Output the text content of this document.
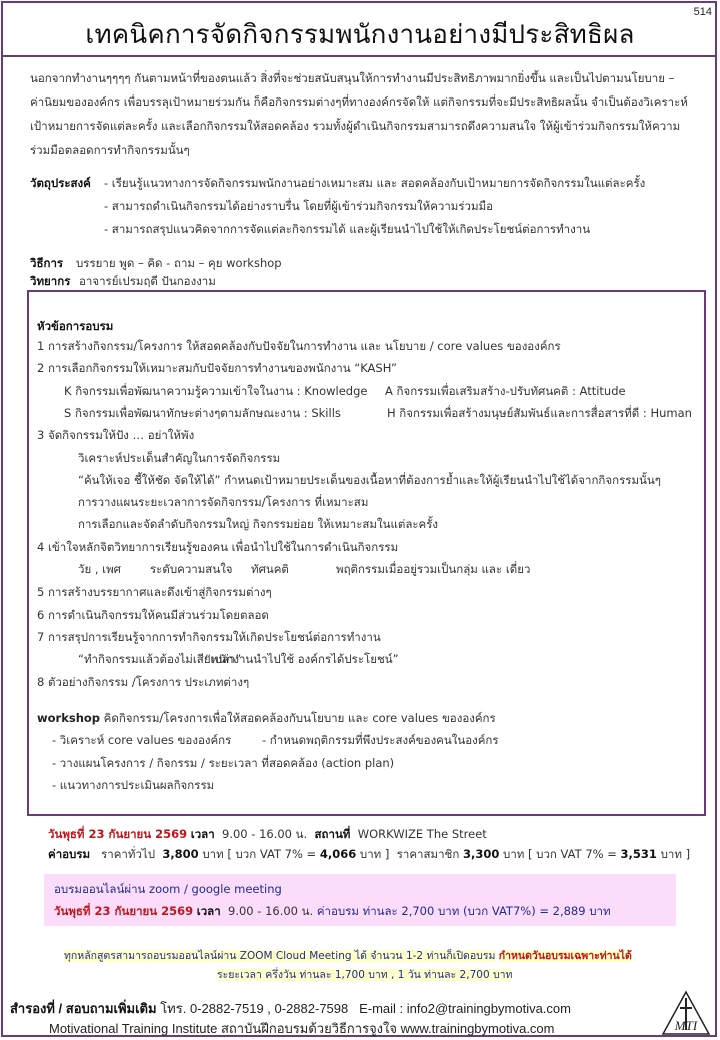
514
เทคนิคการจัดกิจกรรมพนักงานอย่างมีประสิทธิผล
นอกจากทำงานๆๆๆๆ กันตามหน้าที่ของตนแล้ว สิ่งที่จะช่วยสนับสนุนให้การทำงานมีประสิทธิภาพมากยิ่งขึ้น และเป็นไปตามนโยบาย –
ค่านิยมขององค์กร เพื่อบรรลุเป้าหมายร่วมกัน ก็คือกิจกรรมต่างๆที่ทางองค์กรจัดให้ แต่กิจกรรมที่จะมีประสิทธิผลนั้น จำเป็นต้องวิเคราะห์
เป้าหมายการจัดแต่ละครั้ง และเลือกกิจกรรมให้สอดคล้อง รวมทั้งผู้ดำเนินกิจกรรมสามารถดึงความสนใจ ให้ผู้เข้าร่วมกิจกรรมให้ความ
ร่วมมือตลอดการทำกิจกรรมนั้นๆ
วัตถุประสงค์ - เรียนรู้แนวทางการจัดกิจกรรมพนักงานอย่างเหมาะสม และ สอดคล้องกับเป้าหมายการจัดกิจกรรมในแต่ละครั้ง
- สามารถดำเนินกิจกรรมได้อย่างราบรื่น โดยที่ผู้เข้าร่วมกิจกรรมให้ความร่วมมือ
- สามารถสรุปแนวคิดจากการจัดแต่ละกิจกรรมได้ และผู้เรียนนำไปใช้ให้เกิดประโยชน์ต่อการทำงาน
วิธีการ บรรยาย พูด – คิด - ถาม – คุย workshop
วิทยากร อาจารย์เปรมฤดี ปันกองงาม
หัวข้อการอบรม
1 การสร้างกิจกรรม/โครงการ ให้สอดคล้องกับปัจจัยในการทำงาน และ นโยบาย / core values ขององค์กร
2 การเลือกกิจกรรมให้เหมาะสมกับปัจจัยการทำงานของพนักงาน “KASH”
K กิจกรรมเพื่อพัฒนาความรู้ความเข้าใจในงาน : Knowledge A กิจกรรมเพื่อเสริมสร้าง-ปรับทัศนคติ : Attitude
S กิจกรรมเพื่อพัฒนาทักษะต่างๆตามลักษณะงาน : Skills	H กิจกรรมเพื่อสร้างมนุษย์สัมพันธ์และการสื่อสารที่ดี : Human
3 จัดกิจกรรมให้ปัง … อย่าให้พัง
วิเคราะห์ประเด็นสำคัญในการจัดกิจกรรม
“ค้นให้เจอ ชี้ให้ชัด จัดให้ได้” กำหนดเป้าหมายประเด็นของเนื้อหาที่ต้องการย้ำและให้ผู้เรียนนำไปใช้ได้จากกิจกรรมนั้นๆ
การวางแผนระยะเวลาการจัดกิจกรรม/โครงการ ที่เหมาะสม
การเลือกและจัดลำดับกิจกรรมใหญ่ กิจกรรมย่อย ให้เหมาะสมในแต่ละครั้ง
4 เข้าใจหลักจิตวิทยาการเรียนรู้ของคน เพื่อนำไปใช้ในการดำเนินกิจกรรม
วัย , เพศ	ระดับความสนใจ ทัศนคติ	พฤติกรรมเมื่ออยู่รวมเป็นกลุ่ม และ เดี่ยว
5 การสร้างบรรยากาศและดึงเข้าสู่กิจกรรมต่างๆ
6 การดำเนินกิจกรรมให้คนมีส่วนร่วมโดยตลอด
7 การสรุปการเรียนรู้จากการทำกิจกรรมให้เกิดประโยชน์ต่อการทำงาน
“ทำกิจกรรมแล้วต้องไม่เสียเปล่า”
“พนักงานนำไปใช้ องค์กรได้ประโยชน์”
8 ตัวอย่างกิจกรรม /โครงการ ประเภทต่างๆ
workshop คิดกิจกรรม/โครงการเพื่อให้สอดคล้องกับนโยบาย และ core values ขององค์กร
- วิเคราะห์ core values ขององค์กร	- กำหนดพฤติกรรมที่พึงประสงค์ของคนในองค์กร
- วางแผนโครงการ / กิจกรรม / ระยะเวลา ที่สอดคล้อง (action plan)
- แนวทางการประเมินผลกิจกรรม
วันพุธที่ 23 กันยายน 2569 เวลา 9.00 - 16.00 น. สถานที่ WORKWIZE The Street
ค่าอบรม ราคาทั่วไป 3,800 บาท [ บวก VAT 7% = 4,066 บาท ] ราคาสมาชิก 3,300 บาท [ บวก VAT 7% = 3,531 บาท ]
อบรมออนไลน์ผ่าน zoom / google meeting
วันพุธที่ 23 กันยายน 2569 เวลา 9.00 - 16.00 น. ค่าอบรม ท่านละ 2,700 บาท (บวก VAT7%) = 2,889 บาท
ทุกหลักสูตรสามารถอบรมออนไลน์ผ่าน ZOOM Cloud Meeting ได้ จำนวน 1-2 ท่านก็เปิดอบรม กำหนดวันอบรมเฉพาะท่านได้
ระยะเวลา ครึ่งวัน ท่านละ 1,700 บาท , 1 วัน ท่านละ 2,700 บาท
สำรองที่ / สอบถามเพิ่มเติม โทร. 0-2882-7519 , 0-2882-7598 E-mail : info2@trainingbymotiva.com
Motivational Training Institute สถาบันฝึกอบรมด้วยวิธีการจูงใจ www.trainingbymotiva.com	MTI
